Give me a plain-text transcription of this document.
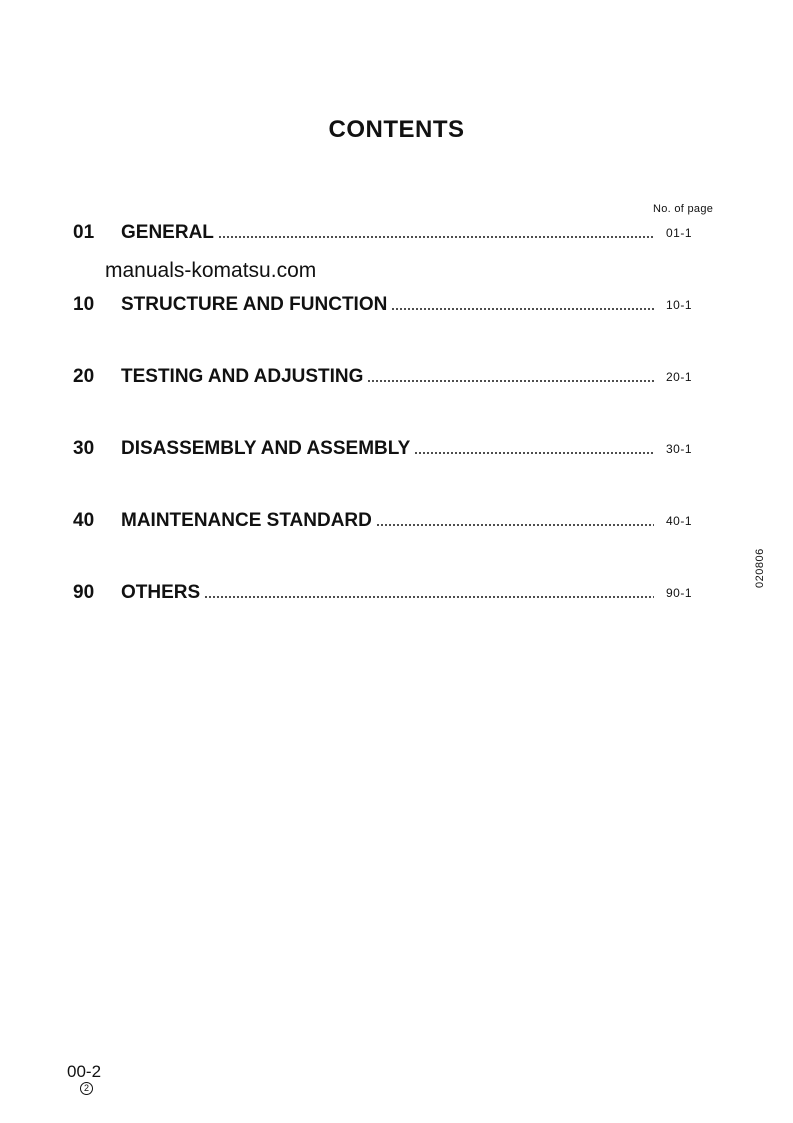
CONTENTS
No. of page
manuals-komatsu.com
01 GENERAL	01-1
10 STRUCTURE AND FUNCTION	10-1
20 TESTING AND ADJUSTING	20-1
30 DISASSEMBLY AND ASSEMBLY	30-1
40 MAINTENANCE STANDARD	40-1
90 OTHERS	90-1
020806
00-2
2
